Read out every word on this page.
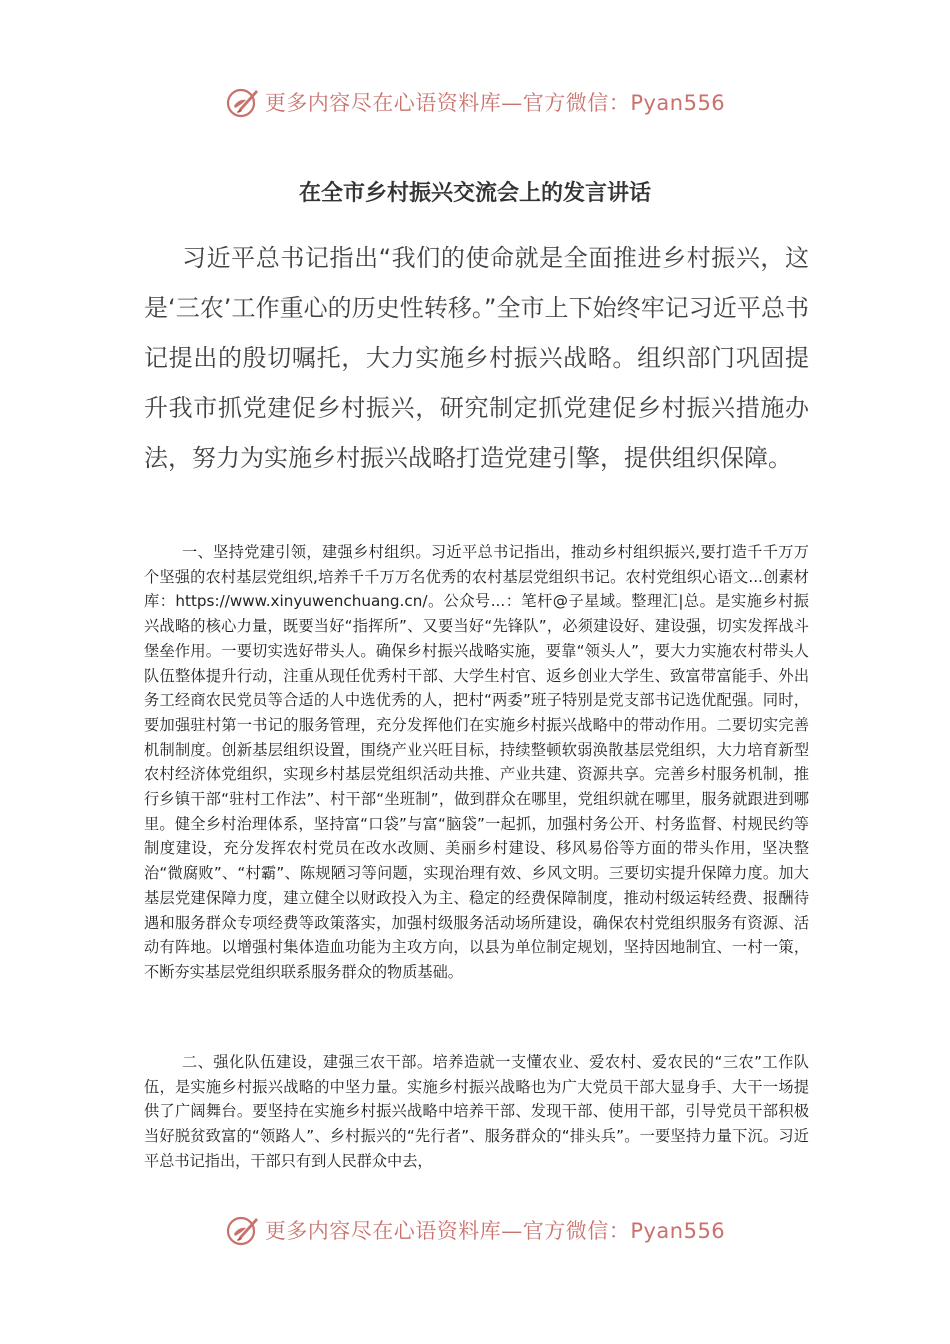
更多内容尽在心语资料库—官方微信：Pyan556
在全市乡村振兴交流会上的发言讲话

习近平总书记指出“我们的使命就是全面推进乡村振兴，这是‘三农’工作重心的历史性转移。”全市上下始终牢记习近平总书记提出的殷切嘱托，大力实施乡村振兴战略。组织部门巩固提升我市抓党建促乡村振兴，研究制定抓党建促乡村振兴措施办法，努力为实施乡村振兴战略打造党建引擎，提供组织保障。

一、坚持党建引领，建强乡村组织。习近平总书记指出，推动乡村组织振兴,要打造千千万万个坚强的农村基层党组织,培养千千万万名优秀的农村基层党组织书记。农村党组织心语文...创素材库：https://www.xinyuwenchuang.cn/。公众号...：笔杆@子星域。整理汇|总。是实施乡村振兴战略的核心力量，既要当好“指挥所”、又要当好“先锋队”，必须建设好、建设强，切实发挥战斗堡垒作用。一要切实选好带头人。确保乡村振兴战略实施，要靠“领头人”，要大力实施农村带头人队伍整体提升行动，注重从现任优秀村干部、大学生村官、返乡创业大学生、致富带富能手、外出务工经商农民党员等合适的人中选优秀的人，把村“两委”班子特别是党支部书记选优配强。同时，要加强驻村第一书记的服务管理，充分发挥他们在实施乡村振兴战略中的带动作用。二要切实完善机制制度。创新基层组织设置，围绕产业兴旺目标，持续整顿软弱涣散基层党组织，大力培育新型农村经济体党组织，实现乡村基层党组织活动共推、产业共建、资源共享。完善乡村服务机制，推行乡镇干部“驻村工作法”、村干部“坐班制”，做到群众在哪里，党组织就在哪里，服务就跟进到哪里。健全乡村治理体系，坚持富“口袋”与富“脑袋”一起抓，加强村务公开、村务监督、村规民约等制度建设，充分发挥农村党员在改水改厕、美丽乡村建设、移风易俗等方面的带头作用，坚决整治“微腐败”、“村霸”、陈规陋习等问题，实现治理有效、乡风文明。三要切实提升保障力度。加大基层党建保障力度，建立健全以财政投入为主、稳定的经费保障制度，推动村级运转经费、报酬待遇和服务群众专项经费等政策落实，加强村级服务活动场所建设，确保农村党组织服务有资源、活动有阵地。以增强村集体造血功能为主攻方向，以县为单位制定规划，坚持因地制宜、一村一策，不断夯实基层党组织联系服务群众的物质基础。

二、强化队伍建设，建强三农干部。培养造就一支懂农业、爱农村、爱农民的“三农”工作队伍，是实施乡村振兴战略的中坚力量。实施乡村振兴战略也为广大党员干部大显身手、大干一场提供了广阔舞台。要坚持在实施乡村振兴战略中培养干部、发现干部、使用干部，引导党员干部积极当好脱贫致富的“领路人”、乡村振兴的“先行者”、服务群众的“排头兵”。一要坚持力量下沉。习近平总书记指出，干部只有到人民群众中去，

更多内容尽在心语资料库—官方微信：Pyan556
